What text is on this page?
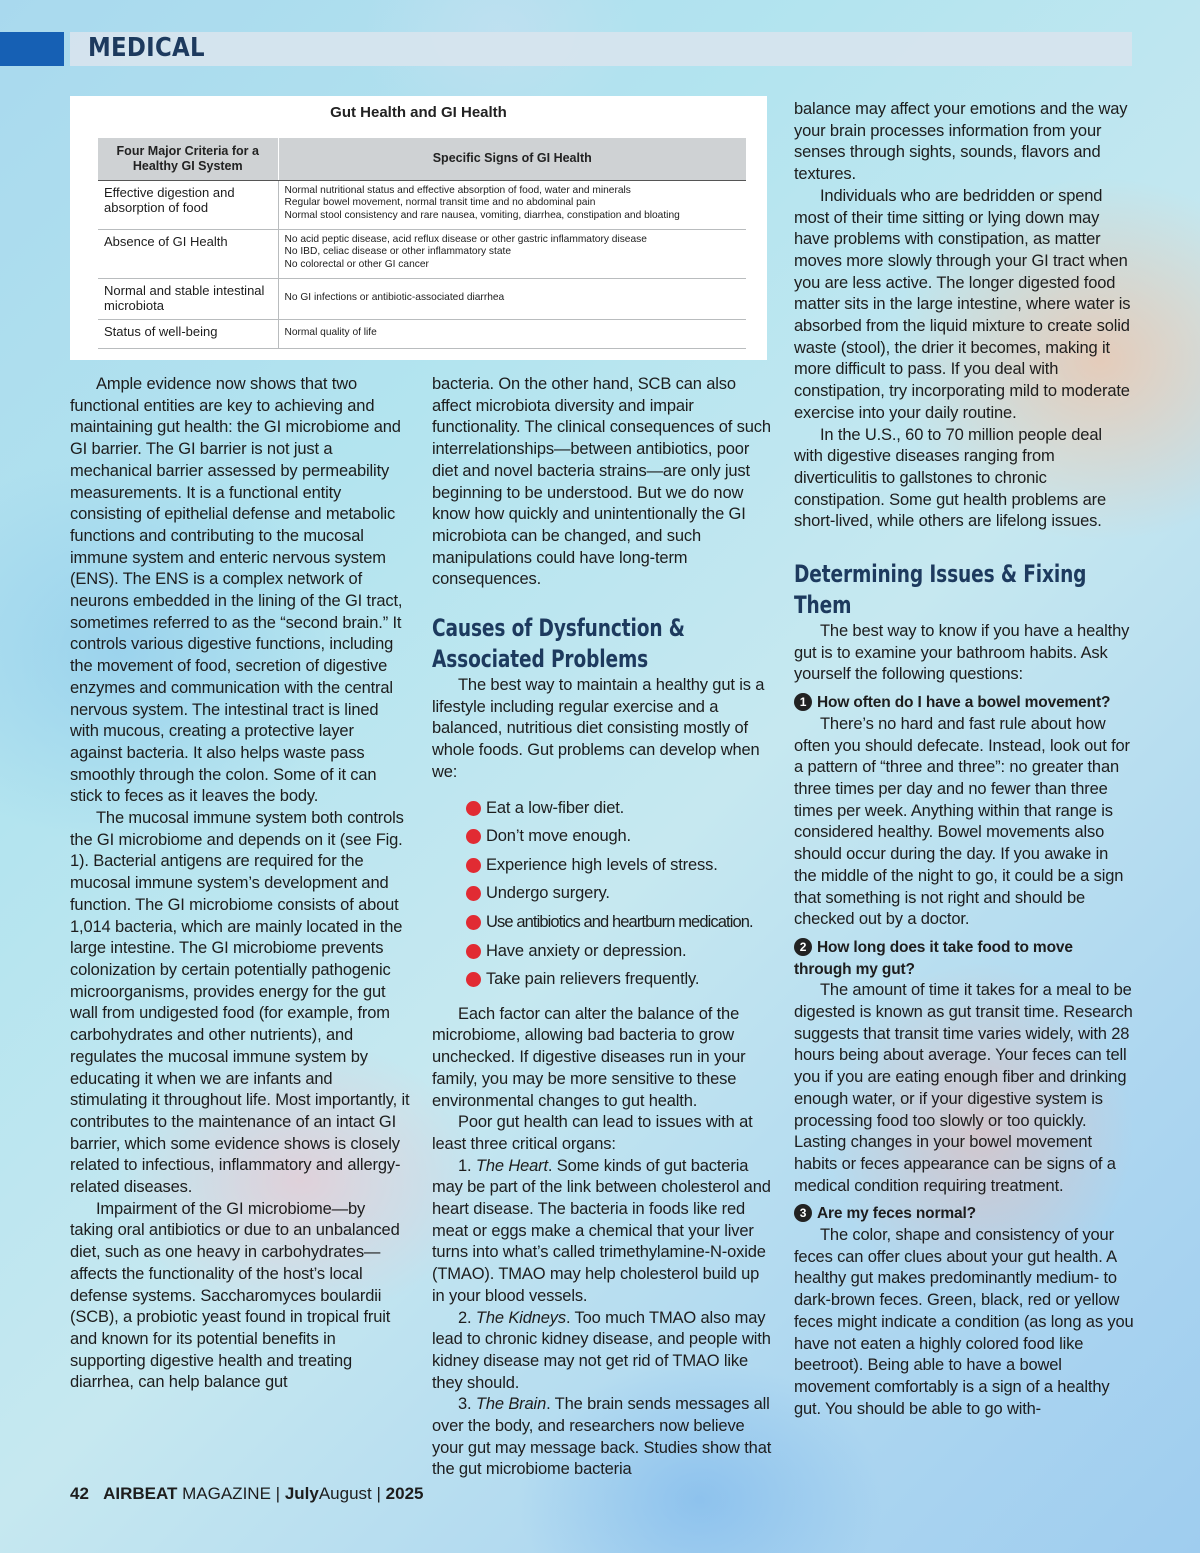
MEDICAL
Gut Health and GI Health
Four Major Criteria for a Healthy GI System	Specific Signs of GI Health
Effective digestion and absorption of food	Normal nutritional status and effective absorption of food, water and minerals
Regular bowel movement, normal transit time and no abdominal pain
Normal stool consistency and rare nausea, vomiting, diarrhea, constipation and bloating

Absence of GI Health	No acid peptic disease, acid reflux disease or other gastric inflammatory disease
No IBD, celiac disease or other inflammatory state
No colorectal or other GI cancer

Normal and stable intestinal microbiota	No GI infections or antibiotic-associated diarrhea

Status of well-being	Normal quality of life

Ample evidence now shows that two functional entities are key to achieving and maintaining gut health: the GI microbiome and GI barrier. The GI barrier is not just a mechanical barrier assessed by permeability measurements. It is a functional entity consisting of epithelial defense and metabolic functions and contributing to the mucosal immune system and enteric nervous system (ENS). The ENS is a complex network of neurons embedded in the lining of the GI tract, sometimes referred to as the “second brain.” It controls various digestive functions, including the movement of food, secretion of digestive enzymes and communication with the central nervous system. The intestinal tract is lined with mucous, creating a protective layer against bacteria. It also helps waste pass smoothly through the colon. Some of it can stick to feces as it leaves the body.

The mucosal immune system both controls the GI microbiome and depends on it (see Fig. 1). Bacterial antigens are required for the mucosal immune system’s development and function. The GI microbiome consists of about 1,014 bacteria, which are mainly located in the large intestine. The GI microbiome prevents colonization by certain potentially pathogenic microorganisms, provides energy for the gut wall from undigested food (for example, from carbohydrates and other nutrients), and regulates the mucosal immune system by educating it when we are infants and stimulating it throughout life. Most importantly, it contributes to the maintenance of an intact GI barrier, which some evidence shows is closely related to infectious, inflammatory and allergy-related diseases.

Impairment of the GI microbiome—by taking oral antibiotics or due to an unbalanced diet, such as one heavy in carbohydrates—affects the functionality of the host’s local defense systems. Saccharomyces boulardii (SCB), a probiotic yeast found in tropical fruit and known for its potential benefits in supporting digestive health and treating diarrhea, can help balance gut

bacteria. On the other hand, SCB can also affect microbiota diversity and impair functionality. The clinical consequences of such interrelationships—between antibiotics, poor diet and novel bacteria strains—are only just beginning to be understood. But we do now know how quickly and unintentionally the GI microbiota can be changed, and such manipulations could have long-term consequences.

Causes of Dysfunction & Associated Problems

The best way to maintain a healthy gut is a lifestyle including regular exercise and a balanced, nutritious diet consisting mostly of whole foods. Gut problems can develop when we:

Eat a low-fiber diet.
Don’t move enough.
Experience high levels of stress.
Undergo surgery.
Use antibiotics and heartburn medication.
Have anxiety or depression.
Take pain relievers frequently.

Each factor can alter the balance of the microbiome, allowing bad bacteria to grow unchecked. If digestive diseases run in your family, you may be more sensitive to these environmental changes to gut health.

Poor gut health can lead to issues with at least three critical organs:

1. The Heart. Some kinds of gut bacteria may be part of the link between cholesterol and heart disease. The bacteria in foods like red meat or eggs make a chemical that your liver turns into what’s called trimethylamine-N-oxide (TMAO). TMAO may help cholesterol build up in your blood vessels.

2. The Kidneys. Too much TMAO also may lead to chronic kidney disease, and people with kidney disease may not get rid of TMAO like they should.

3. The Brain. The brain sends messages all over the body, and researchers now believe your gut may message back. Studies show that the gut microbiome bacteria

balance may affect your emotions and the way your brain processes information from your senses through sights, sounds, flavors and textures.

Individuals who are bedridden or spend most of their time sitting or lying down may have problems with constipation, as matter moves more slowly through your GI tract when you are less active. The longer digested food matter sits in the large intestine, where water is absorbed from the liquid mixture to create solid waste (stool), the drier it becomes, making it more difficult to pass. If you deal with constipation, try incorporating mild to moderate exercise into your daily routine.

In the U.S., 60 to 70 million people deal with digestive diseases ranging from diverticulitis to gallstones to chronic constipation. Some gut health problems are short-lived, while others are lifelong issues.

Determining Issues & Fixing Them

The best way to know if you have a healthy gut is to examine your bathroom habits. Ask yourself the following questions:

1 How often do I have a bowel movement?

There’s no hard and fast rule about how often you should defecate. Instead, look out for a pattern of “three and three”: no greater than three times per day and no fewer than three times per week. Anything within that range is considered healthy. Bowel movements also should occur during the day. If you awake in the middle of the night to go, it could be a sign that something is not right and should be checked out by a doctor.

2 How long does it take food to move through my gut?

The amount of time it takes for a meal to be digested is known as gut transit time. Research suggests that transit time varies widely, with 28 hours being about average. Your feces can tell you if you are eating enough fiber and drinking enough water, or if your digestive system is processing food too slowly or too quickly. Lasting changes in your bowel movement habits or feces appearance can be signs of a medical condition requiring treatment.

3 Are my feces normal?

The color, shape and consistency of your feces can offer clues about your gut health. A healthy gut makes predominantly medium- to dark-brown feces. Green, black, red or yellow feces might indicate a condition (as long as you have not eaten a highly colored food like beetroot). Being able to have a bowel movement comfortably is a sign of a healthy gut. You should be able to go with-

42 AIRBEAT MAGAZINE | JulyAugust | 2025
